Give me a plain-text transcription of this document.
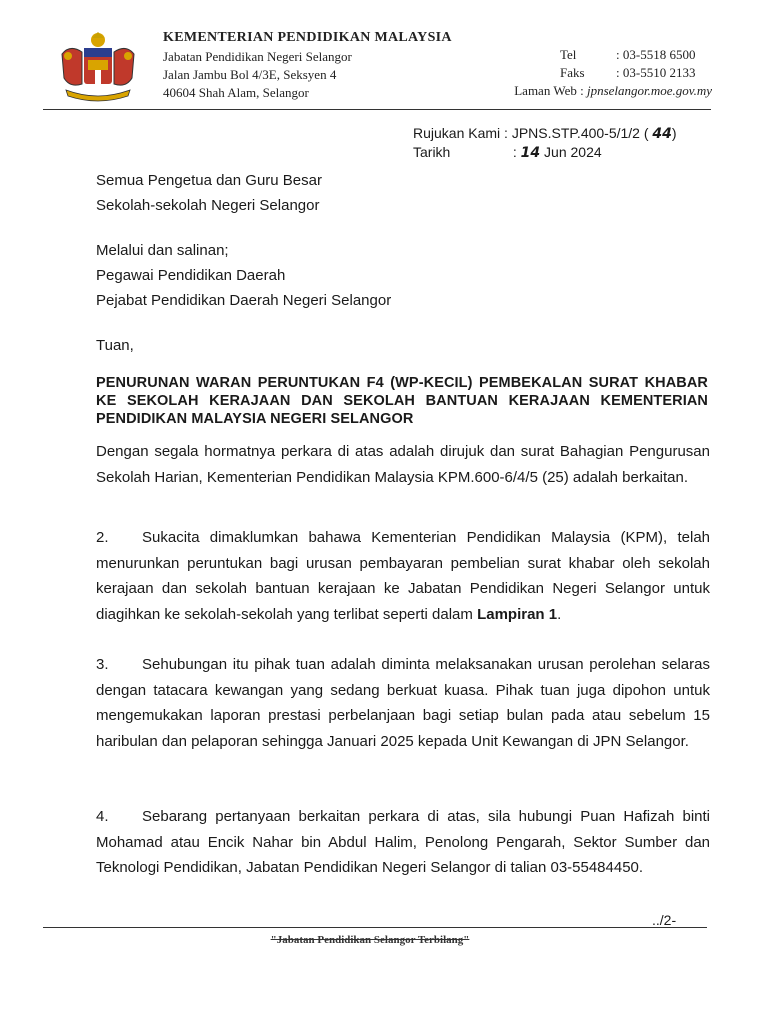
KEMENTERIAN PENDIDIKAN MALAYSIA
Jabatan Pendidikan Negeri Selangor
Jalan Jambu Bol 4/3E, Seksyen 4
40604 Shah Alam, Selangor
Tel	: 03-5518 6500
Faks : 03-5510 2133
Laman Web : jpnselangor.moe.gov.my
Rujukan Kami : JPNS.STP.400-5/1/2 ( 44)
Tarikh	: 14 Jun 2024
Semua Pengetua dan Guru Besar
Sekolah-sekolah Negeri Selangor
Melalui dan salinan;
Pegawai Pendidikan Daerah
Pejabat Pendidikan Daerah Negeri Selangor
Tuan,
PENURUNAN WARAN PERUNTUKAN F4 (WP-KECIL) PEMBEKALAN SURAT KHABAR KE SEKOLAH KERAJAAN DAN SEKOLAH BANTUAN KERAJAAN KEMENTERIAN PENDIDIKAN MALAYSIA NEGERI SELANGOR
Dengan segala hormatnya perkara di atas adalah dirujuk dan surat Bahagian Pengurusan Sekolah Harian, Kementerian Pendidikan Malaysia KPM.600-6/4/5 (25) adalah berkaitan.
2. Sukacita dimaklumkan bahawa Kementerian Pendidikan Malaysia (KPM), telah menurunkan peruntukan bagi urusan pembayaran pembelian surat khabar oleh sekolah kerajaan dan sekolah bantuan kerajaan ke Jabatan Pendidikan Negeri Selangor untuk diagihkan ke sekolah-sekolah yang terlibat seperti dalam Lampiran 1.
3. Sehubungan itu pihak tuan adalah diminta melaksanakan urusan perolehan selaras dengan tatacara kewangan yang sedang berkuat kuasa. Pihak tuan juga dipohon untuk mengemukakan laporan prestasi perbelanjaan bagi setiap bulan pada atau sebelum 15 haribulan dan pelaporan sehingga Januari 2025 kepada Unit Kewangan di JPN Selangor.
4. Sebarang pertanyaan berkaitan perkara di atas, sila hubungi Puan Hafizah binti Mohamad atau Encik Nahar bin Abdul Halim, Penolong Pengarah, Sektor Sumber dan Teknologi Pendidikan, Jabatan Pendidikan Negeri Selangor di talian 03-55484450.
../2-
"Jabatan Pendidikan Selangor Terbilang"
